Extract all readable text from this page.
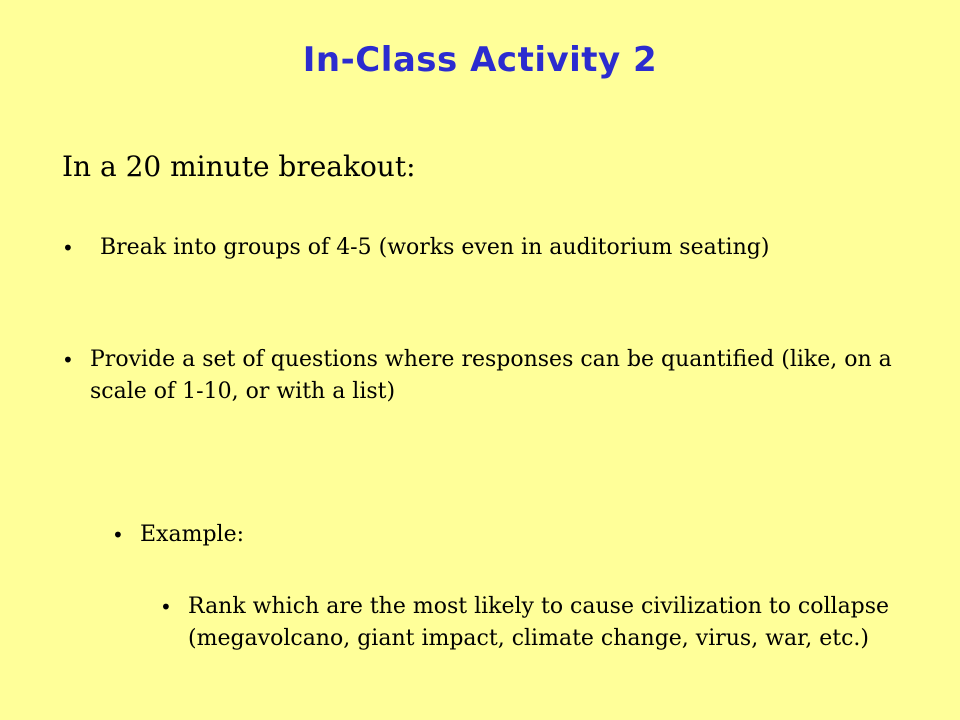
In-Class Activity 2

In a 20 minute breakout:

•	Break into groups of 4-5 (works even in auditorium seating)
• Provide a set of questions where responses can be quantified (like, on a scale of 1-10, or with a list)
• Example:
• Rank which are the most likely to cause civilization to collapse (megavolcano, giant impact, climate change, virus, war, etc.)
